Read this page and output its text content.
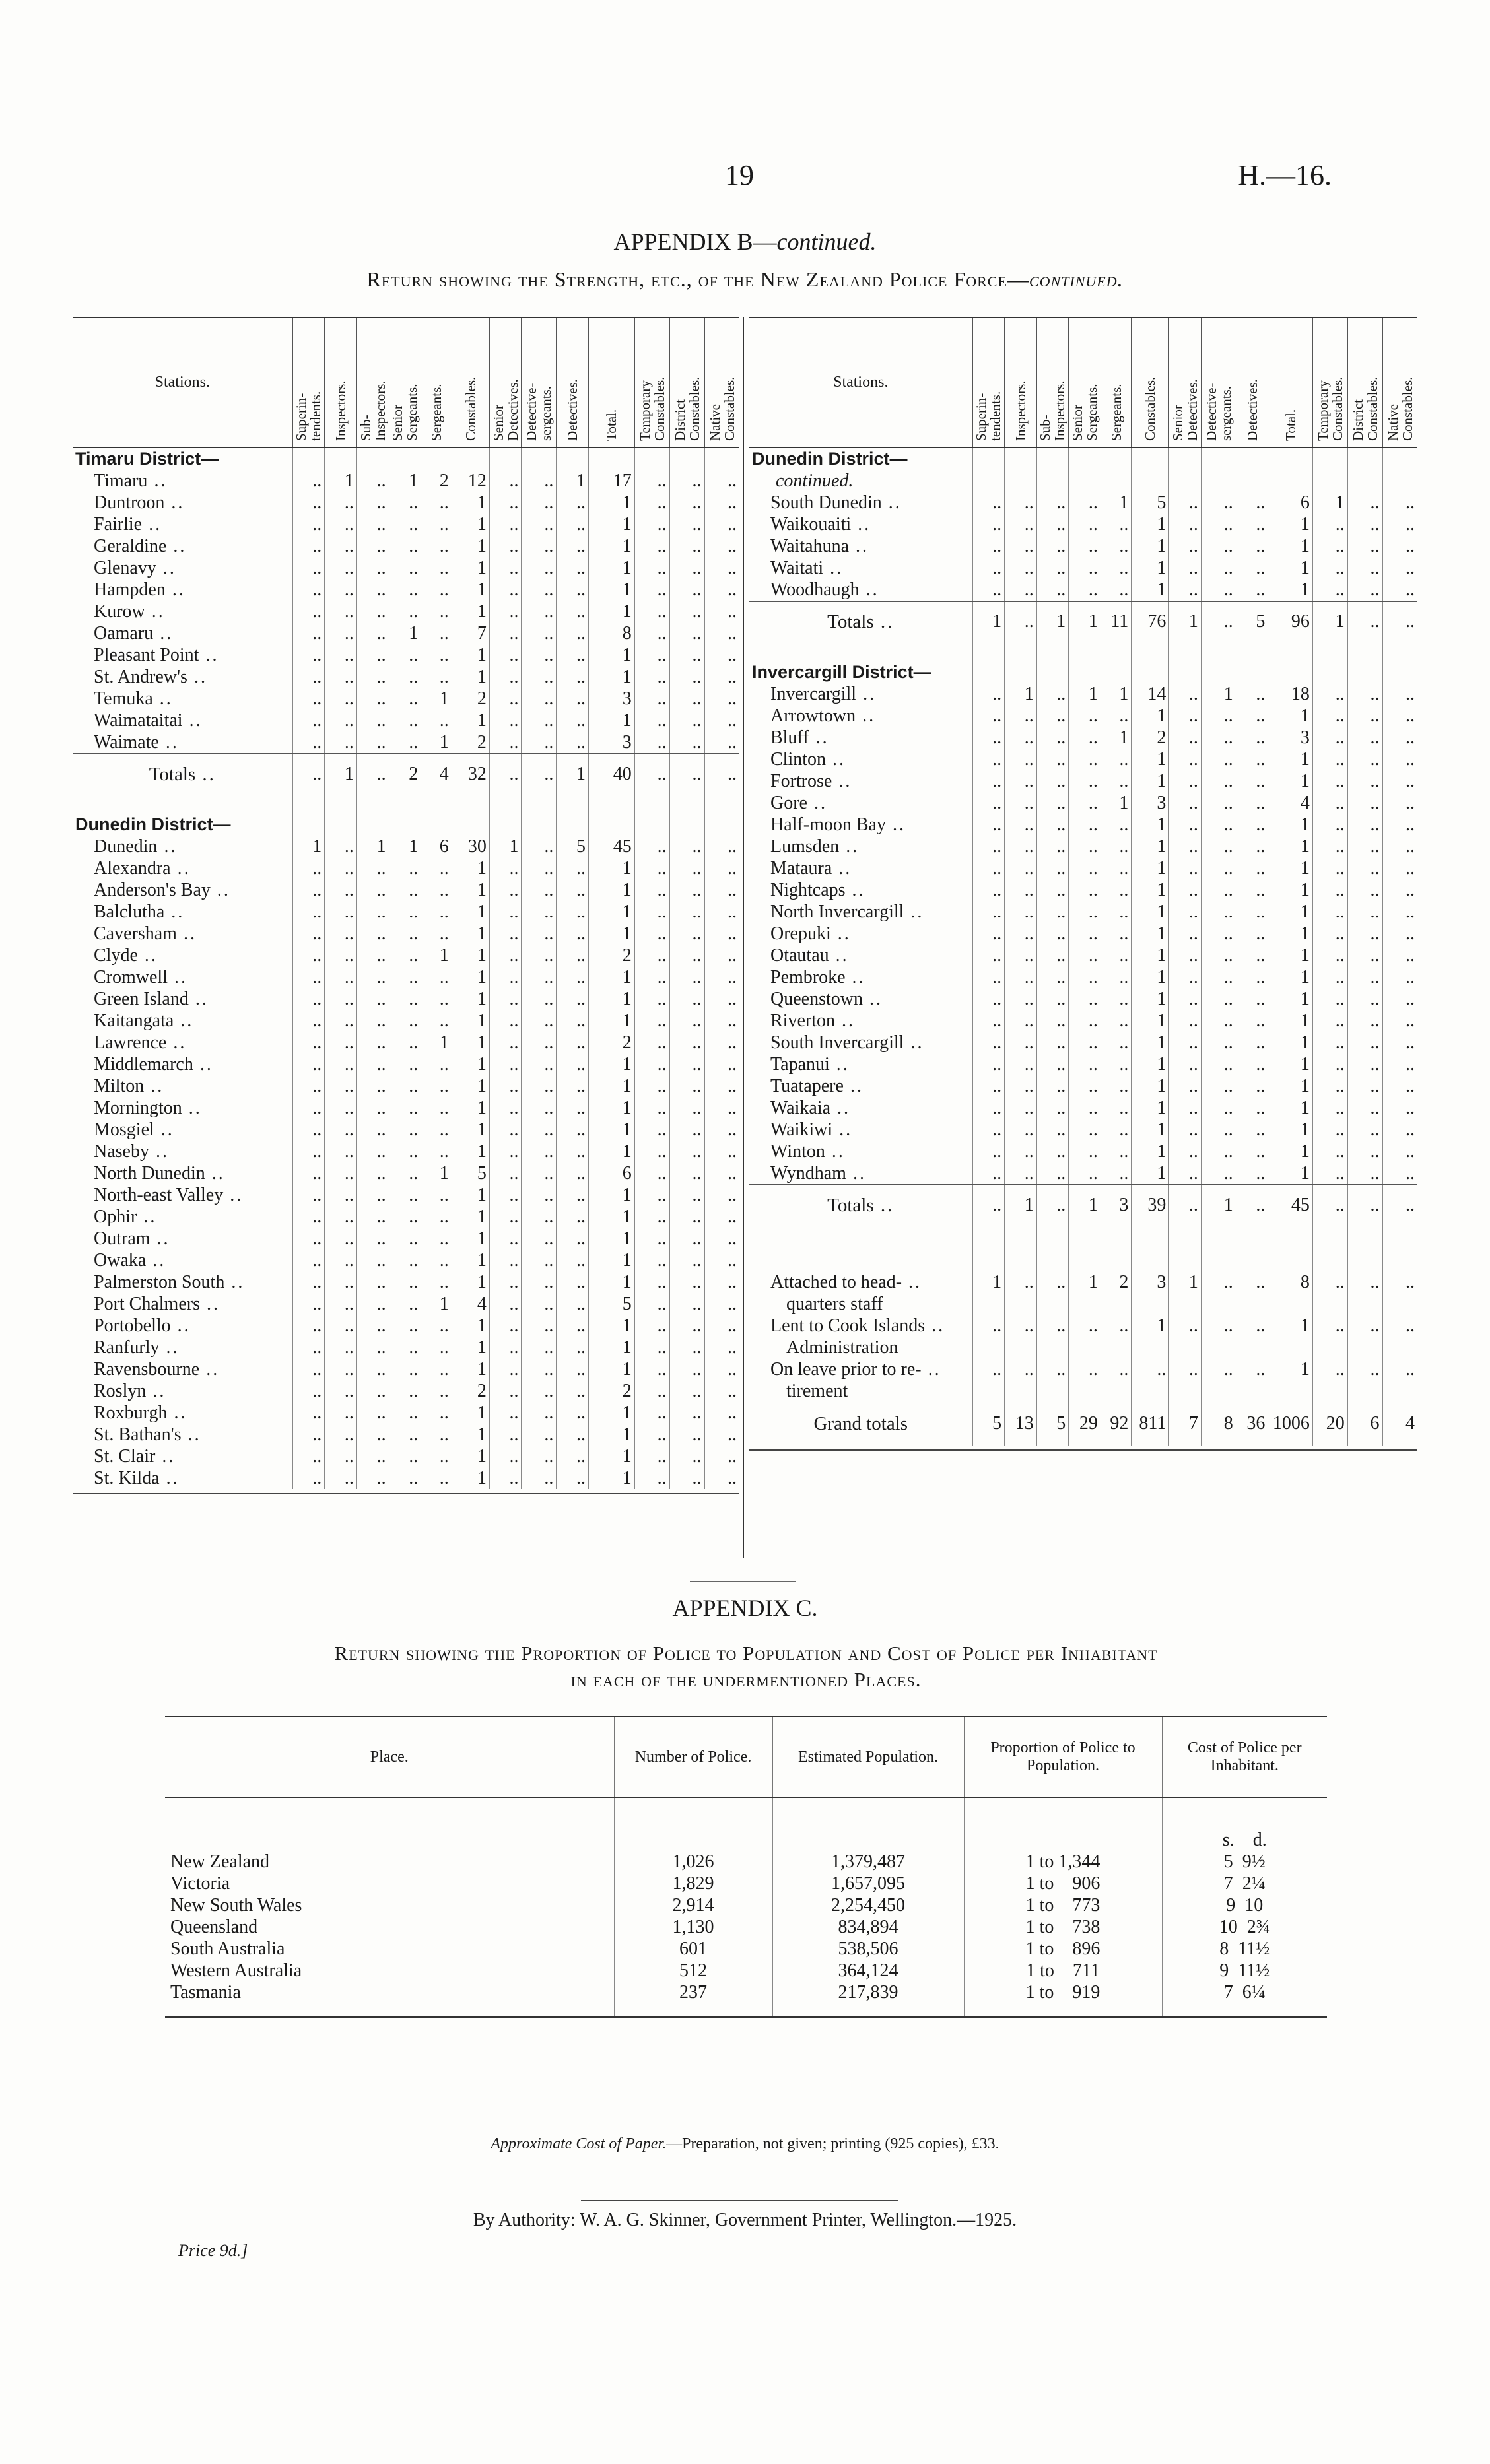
19	H.—16.
APPENDIX B—continued.
Return showing the Strength, etc., of the New Zealand Police Force—continued.
Stations.	Superin-
tendents.	Inspectors.	Sub-
Inspectors.	Senior
Sergeants.	Sergeants.	Constables.	Senior
Detectives.	Detective-
sergeants.	Detectives.	Total.	Temporary
Constables.	District
Constables.	Native
Constables.
Timaru District—													
Timaru ..	..	1	..	1	2	12	..	..	1	17	..	..	..
Duntroon ..	..	..	..	..	..	1	..	..	..	1	..	..	..
Fairlie ..	..	..	..	..	..	1	..	..	..	1	..	..	..
Geraldine ..	..	..	..	..	..	1	..	..	..	1	..	..	..
Glenavy ..	..	..	..	..	..	1	..	..	..	1	..	..	..
Hampden ..	..	..	..	..	..	1	..	..	..	1	..	..	..
Kurow ..	..	..	..	..	..	1	..	..	..	1	..	..	..
Oamaru ..	..	..	..	1	..	7	..	..	..	8	..	..	..
Pleasant Point ..	..	..	..	..	..	1	..	..	..	1	..	..	..
St. Andrew's ..	..	..	..	..	..	1	..	..	..	1	..	..	..
Temuka ..	..	..	..	..	1	2	..	..	..	3	..	..	..
Waimataitai ..	..	..	..	..	..	1	..	..	..	1	..	..	..
Waimate ..	..	..	..	..	1	2	..	..	..	3	..	..	..
Totals ..	..	1	..	2	4	32	..	..	1	40	..	..	..

Dunedin District—													
Dunedin ..	1	..	1	1	6	30	1	..	5	45	..	..	..
Alexandra ..	..	..	..	..	..	1	..	..	..	1	..	..	..
Anderson's Bay ..	..	..	..	..	..	1	..	..	..	1	..	..	..
Balclutha ..	..	..	..	..	..	1	..	..	..	1	..	..	..
Caversham ..	..	..	..	..	..	1	..	..	..	1	..	..	..
Clyde ..	..	..	..	..	1	1	..	..	..	2	..	..	..
Cromwell ..	..	..	..	..	..	1	..	..	..	1	..	..	..
Green Island ..	..	..	..	..	..	1	..	..	..	1	..	..	..
Kaitangata ..	..	..	..	..	..	1	..	..	..	1	..	..	..
Lawrence ..	..	..	..	..	1	1	..	..	..	2	..	..	..
Middlemarch ..	..	..	..	..	..	1	..	..	..	1	..	..	..
Milton ..	..	..	..	..	..	1	..	..	..	1	..	..	..
Mornington ..	..	..	..	..	..	1	..	..	..	1	..	..	..
Mosgiel ..	..	..	..	..	..	1	..	..	..	1	..	..	..
Naseby ..	..	..	..	..	..	1	..	..	..	1	..	..	..
North Dunedin ..	..	..	..	..	1	5	..	..	..	6	..	..	..
North-east Valley ..	..	..	..	..	..	1	..	..	..	1	..	..	..
Ophir ..	..	..	..	..	..	1	..	..	..	1	..	..	..
Outram ..	..	..	..	..	..	1	..	..	..	1	..	..	..
Owaka ..	..	..	..	..	..	1	..	..	..	1	..	..	..
Palmerston South ..	..	..	..	..	..	1	..	..	..	1	..	..	..
Port Chalmers ..	..	..	..	..	1	4	..	..	..	5	..	..	..
Portobello ..	..	..	..	..	..	1	..	..	..	1	..	..	..
Ranfurly ..	..	..	..	..	..	1	..	..	..	1	..	..	..
Ravensbourne ..	..	..	..	..	..	1	..	..	..	1	..	..	..
Roslyn ..	..	..	..	..	..	2	..	..	..	2	..	..	..
Roxburgh ..	..	..	..	..	..	1	..	..	..	1	..	..	..
St. Bathan's ..	..	..	..	..	..	1	..	..	..	1	..	..	..
St. Clair ..	..	..	..	..	..	1	..	..	..	1	..	..	..
St. Kilda ..	..	..	..	..	..	1	..	..	..	1	..	..	..
Stations.	Superin-
tendents.	Inspectors.	Sub-
Inspectors.	Senior
Sergeants.	Sergeants.	Constables.	Senior
Detectives.	Detective-
sergeants.	Detectives.	Total.	Temporary
Constables.	District
Constables.	Native
Constables.
Dunedin District—													
continued.													
South Dunedin ..	..	..	..	..	1	5	..	..	..	6	1	..	..
Waikouaiti ..	..	..	..	..	..	1	..	..	..	1	..	..	..
Waitahuna ..	..	..	..	..	..	1	..	..	..	1	..	..	..
Waitati ..	..	..	..	..	..	1	..	..	..	1	..	..	..
Woodhaugh ..	..	..	..	..	..	1	..	..	..	1	..	..	..
Totals ..	1	..	1	1	11	76	1	..	5	96	1	..	..

Invercargill District—													
Invercargill ..	..	1	..	1	1	14	..	1	..	18	..	..	..
Arrowtown ..	..	..	..	..	..	1	..	..	..	1	..	..	..
Bluff ..	..	..	..	..	1	2	..	..	..	3	..	..	..
Clinton ..	..	..	..	..	..	1	..	..	..	1	..	..	..
Fortrose ..	..	..	..	..	..	1	..	..	..	1	..	..	..
Gore ..	..	..	..	..	1	3	..	..	..	4	..	..	..
Half-moon Bay ..	..	..	..	..	..	1	..	..	..	1	..	..	..
Lumsden ..	..	..	..	..	..	1	..	..	..	1	..	..	..
Mataura ..	..	..	..	..	..	1	..	..	..	1	..	..	..
Nightcaps ..	..	..	..	..	..	1	..	..	..	1	..	..	..
North Invercargill ..	..	..	..	..	..	1	..	..	..	1	..	..	..
Orepuki ..	..	..	..	..	..	1	..	..	..	1	..	..	..
Otautau ..	..	..	..	..	..	1	..	..	..	1	..	..	..
Pembroke ..	..	..	..	..	..	1	..	..	..	1	..	..	..
Queenstown ..	..	..	..	..	..	1	..	..	..	1	..	..	..
Riverton ..	..	..	..	..	..	1	..	..	..	1	..	..	..
South Invercargill ..	..	..	..	..	..	1	..	..	..	1	..	..	..
Tapanui ..	..	..	..	..	..	1	..	..	..	1	..	..	..
Tuatapere ..	..	..	..	..	..	1	..	..	..	1	..	..	..
Waikaia ..	..	..	..	..	..	1	..	..	..	1	..	..	..
Waikiwi ..	..	..	..	..	..	1	..	..	..	1	..	..	..
Winton ..	..	..	..	..	..	1	..	..	..	1	..	..	..
Wyndham ..	..	..	..	..	..	1	..	..	..	1	..	..	..
Totals ..	..	1	..	1	3	39	..	1	..	45	..	..	..

Attached to head- ..	1	..	..	1	2	3	1	..	..	8	..	..	..
quarters staff													
Lent to Cook Islands ..	..	..	..	..	..	1	..	..	..	1	..	..	..
Administration													
On leave prior to re- ..	..	..	..	..	..	..	..	..	..	1	..	..	..
tirement													
Grand totals	5	13	5	29	92	811	7	8	36	1006	20	6	4
APPENDIX C.
Return showing the Proportion of Police to Population and Cost of Police per Inhabitant
in each of the undermentioned Places.
Place.	Number of Police.	Estimated Population.	Proportion of Police to Population.	Cost of Police per Inhabitant.
				s.    d.
New Zealand	1,026	1,379,487	1 to 1,344	5  9½
Victoria	1,829	1,657,095	1 to    906	7  2¼
New South Wales	2,914	2,254,450	1 to    773	9  10
Queensland	1,130	834,894	1 to    738	10  2¾
South Australia	601	538,506	1 to    896	8  11½
Western Australia	512	364,124	1 to    711	9  11½
Tasmania	237	217,839	1 to    919	7  6¼
Approximate Cost of Paper.—Preparation, not given; printing (925 copies), £33.
By Authority: W. A. G. Skinner, Government Printer, Wellington.—1925.
Price 9d.]
